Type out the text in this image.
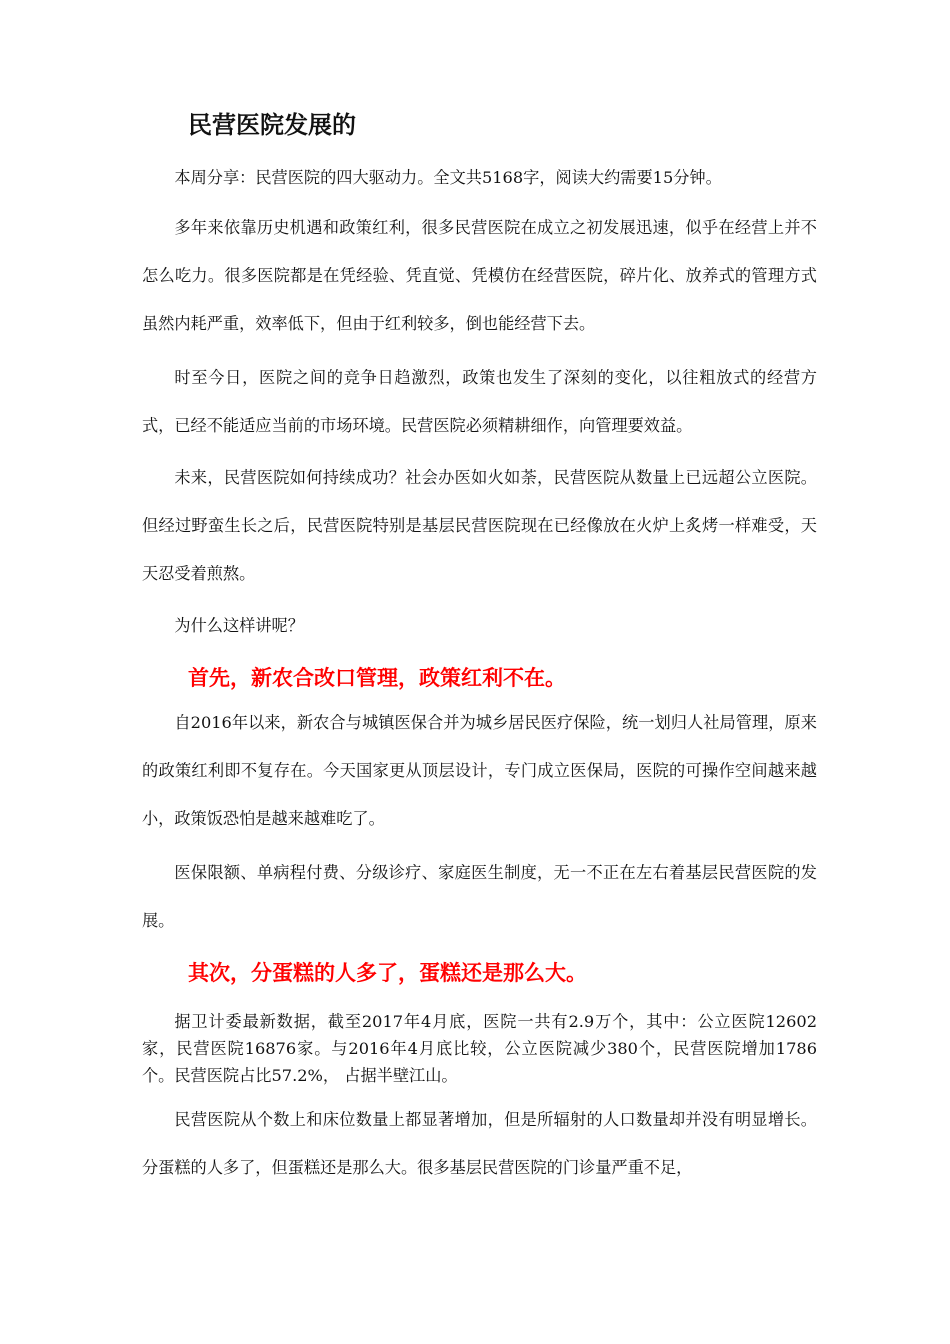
民营医院发展的

本周分享：民营医院的四大驱动力。全文共5168字，阅读大约需要15分钟。

多年来依靠历史机遇和政策红利，很多民营医院在成立之初发展迅速，似乎在经营上并不怎么吃力。很多医院都是在凭经验、凭直觉、凭模仿在经营医院，碎片化、放养式的管理方式虽然内耗严重，效率低下，但由于红利较多，倒也能经营下去。

时至今日，医院之间的竞争日趋激烈，政策也发生了深刻的变化，以往粗放式的经营方式，已经不能适应当前的市场环境。民营医院必须精耕细作，向管理要效益。

未来，民营医院如何持续成功？社会办医如火如荼，民营医院从数量上已远超公立医院。但经过野蛮生长之后，民营医院特别是基层民营医院现在已经像放在火炉上炙烤一样难受，天天忍受着煎熬。

为什么这样讲呢？

首先，新农合改口管理，政策红利不在。

自2016年以来，新农合与城镇医保合并为城乡居民医疗保险，统一划归人社局管理，原来的政策红利即不复存在。今天国家更从顶层设计，专门成立医保局，医院的可操作空间越来越小，政策饭恐怕是越来越难吃了。

医保限额、单病程付费、分级诊疗、家庭医生制度，无一不正在左右着基层民营医院的发展。

其次，分蛋糕的人多了，蛋糕还是那么大。

据卫计委最新数据，截至2017年4月底，医院一共有2.9万个，其中：公立医院12602家，民营医院16876家。与2016年4月底比较，公立医院减少380个，民营医院增加1786个。民营医院占比57.2%， 占据半壁江山。

民营医院从个数上和床位数量上都显著增加，但是所辐射的人口数量却并没有明显增长。分蛋糕的人多了，但蛋糕还是那么大。很多基层民营医院的门诊量严重不足，
